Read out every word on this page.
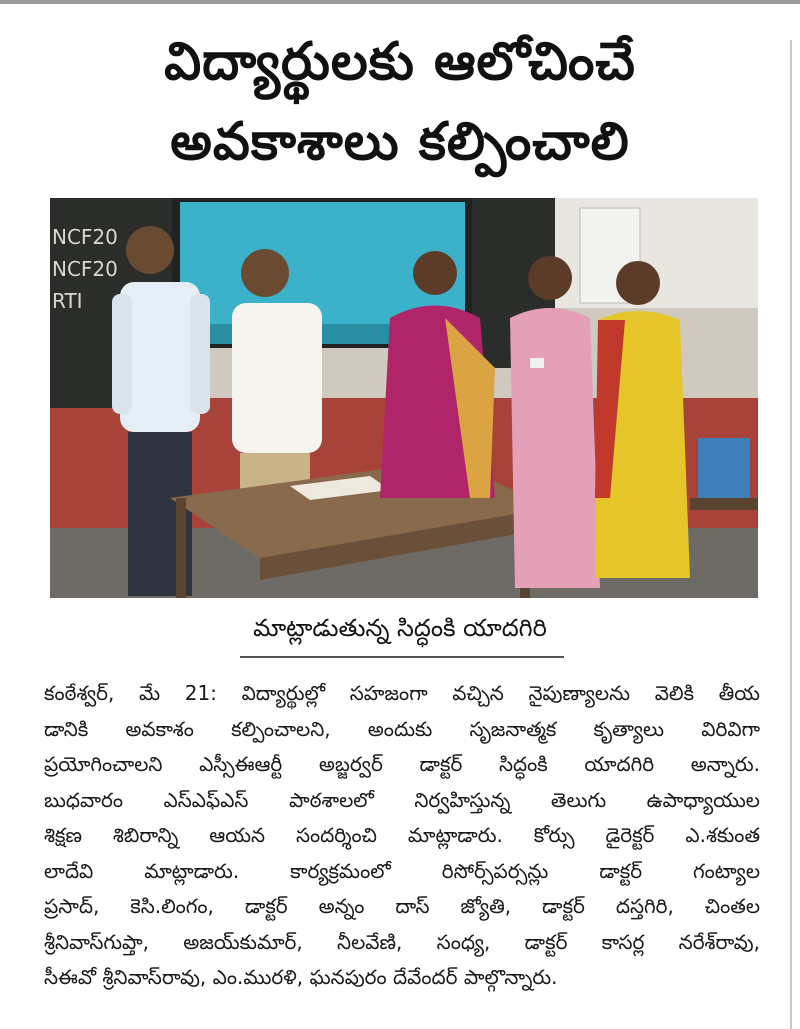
విద్యార్థులకు ఆలోచించే
అవకాశాలు కల్పించాలి
NCF20
NCF20
RTI
మాట్లాడుతున్న సిద్ధంకి యాదగిరి
కంఠేశ్వర్, మే 21: విద్యార్థుల్లో సహజంగా వచ్చిన నైపుణ్యాలను వెలికి తీయ
డానికి అవకాశం కల్పించాలని, అందుకు సృజనాత్మక కృత్యాలు విరివిగా
ప్రయోగించాలని ఎస్సీఈఆర్టీ అబ్జర్వర్ డాక్టర్ సిద్ధంకి యాదగిరి అన్నారు.
బుధవారం ఎస్ఎఫ్ఎస్ పాఠశాలలో నిర్వహిస్తున్న తెలుగు ఉపాధ్యాయుల
శిక్షణ శిబిరాన్ని ఆయన సందర్శించి మాట్లాడారు. కోర్సు డైరెక్టర్ ఎ.శకుంత
లాదేవి మాట్లాడారు. కార్యక్రమంలో రిసోర్స్‌పర్సన్లు డాక్టర్ గంట్యాల
ప్రసాద్, కెసి.లింగం, డాక్టర్ అన్నం దాస్ జ్యోతి, డాక్టర్ దస్తగిరి, చింతల
శ్రీనివాస్‌గుప్తా, అజయ్‌కుమార్, నీలవేణి, సంధ్య, డాక్టర్ కాసర్ల నరేశ్‌రావు,
సీఈవో శ్రీనివాస్‌రావు, ఎం.మురళి, ఘనపురం దేవేందర్ పాల్గొన్నారు.
